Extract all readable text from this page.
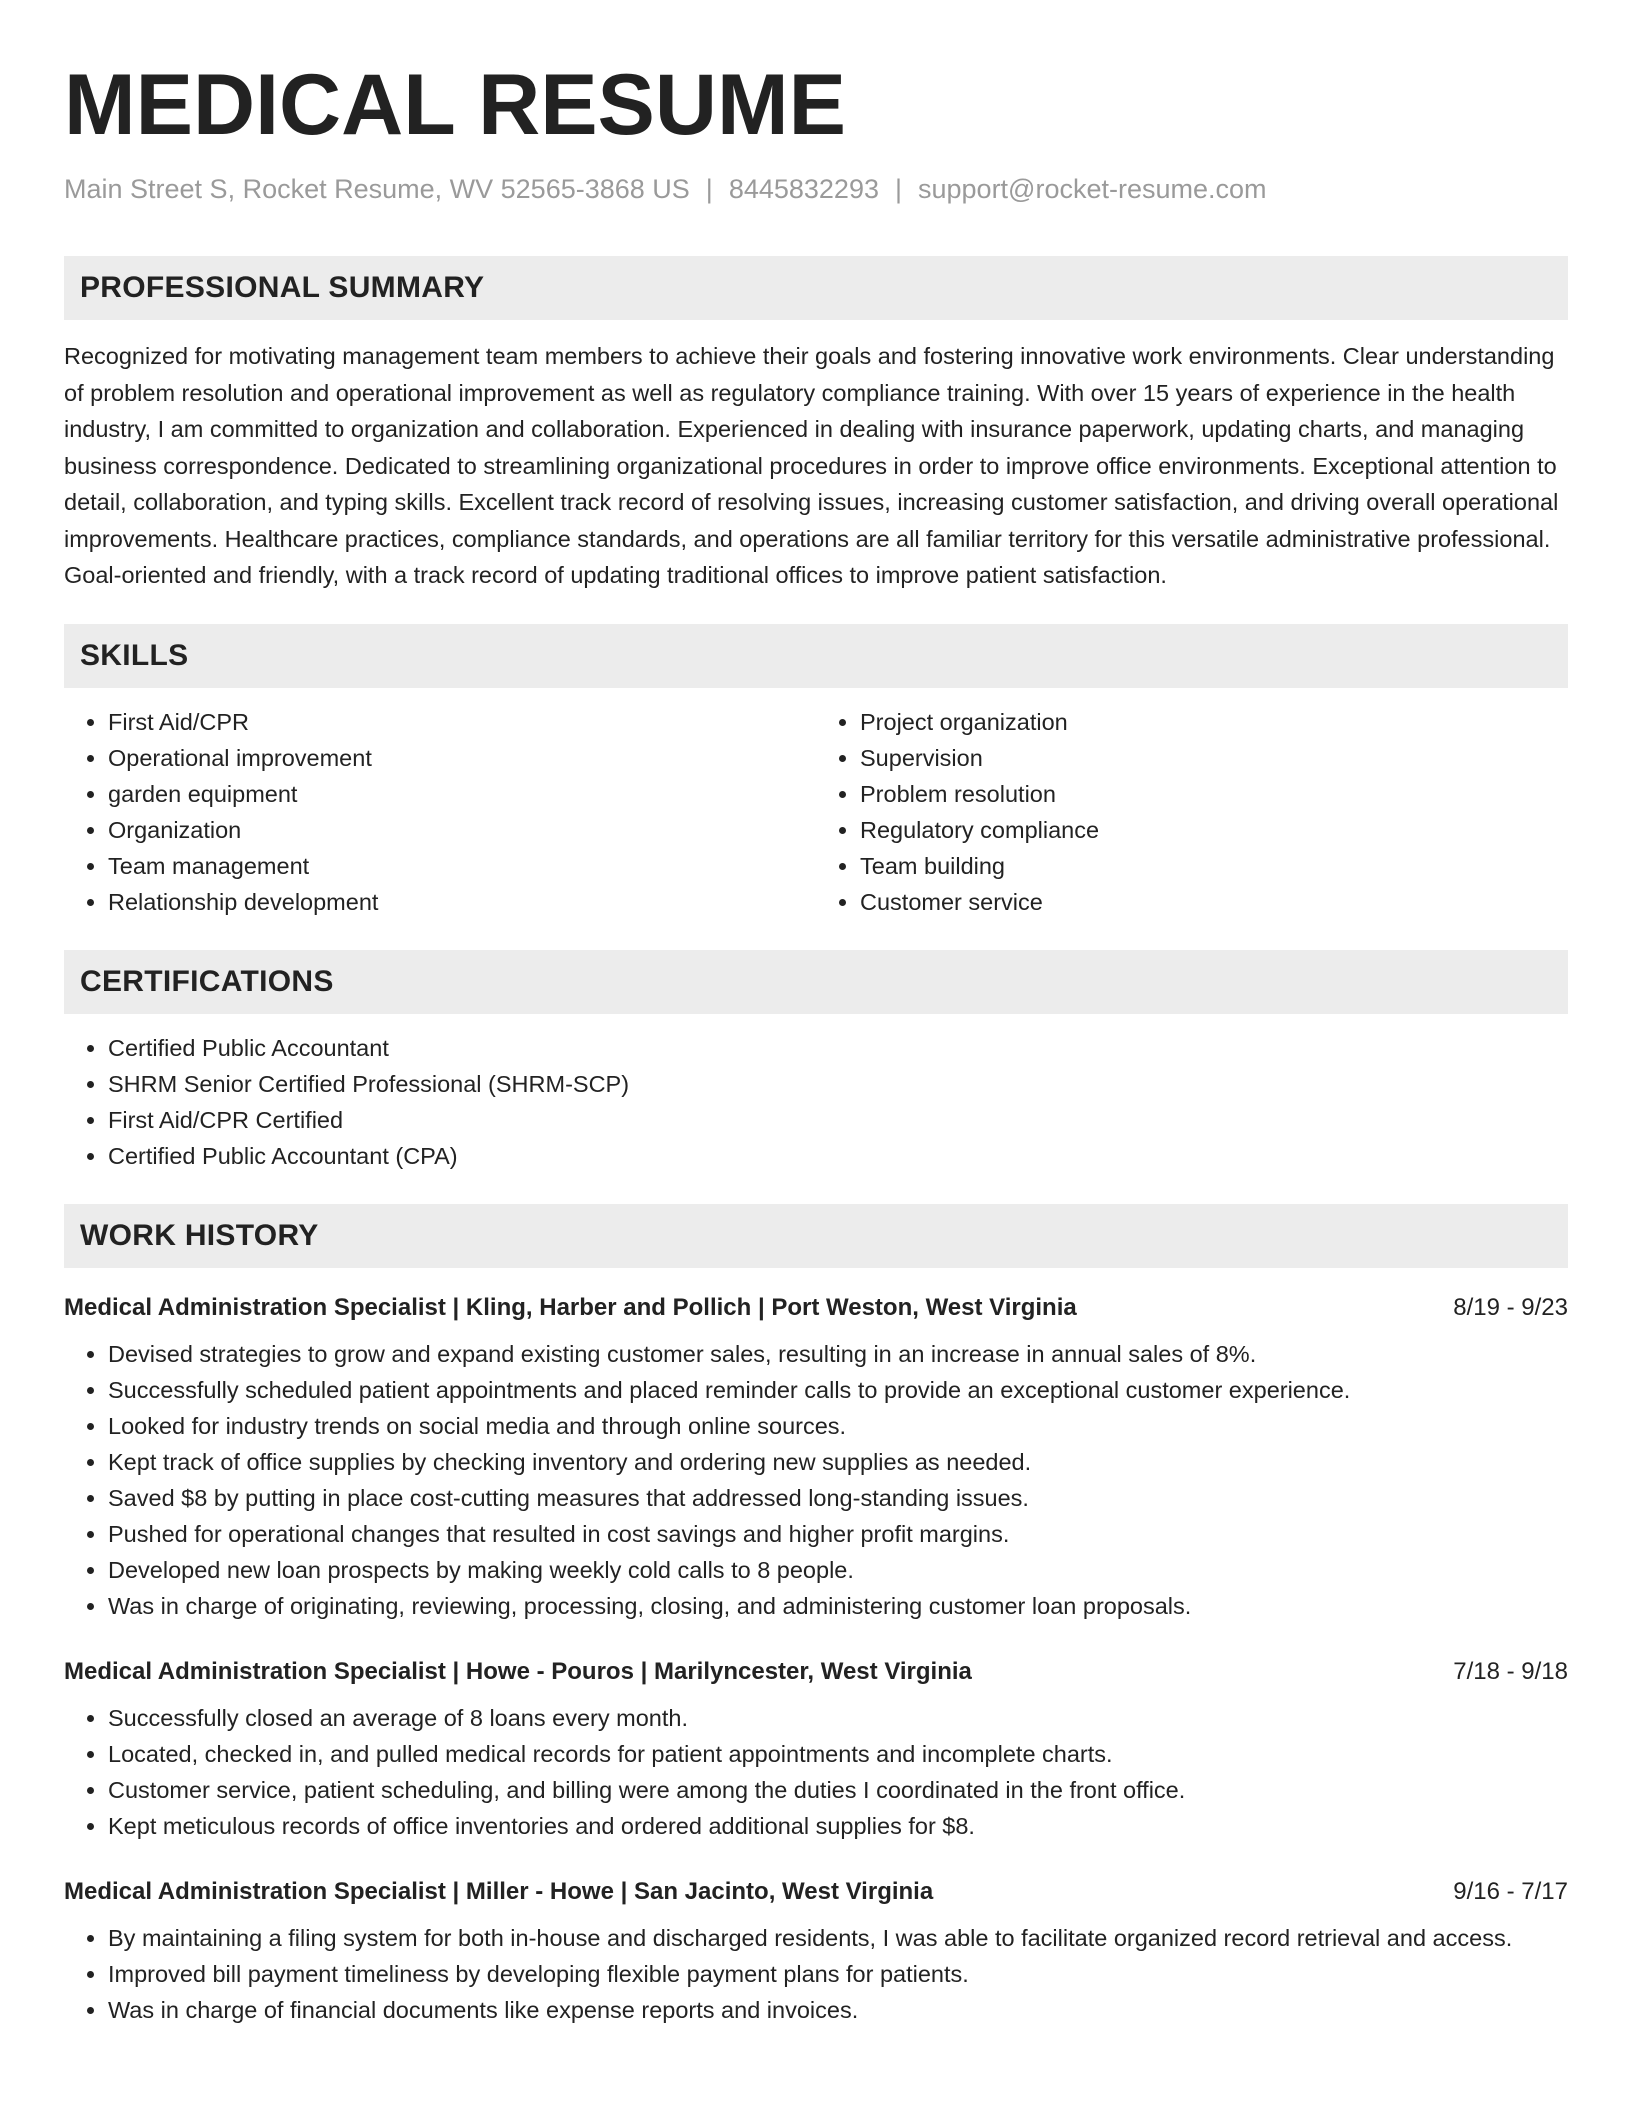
MEDICAL RESUME
Main Street S, Rocket Resume, WV 52565-3868 US | 8445832293 | support@rocket-resume.com
PROFESSIONAL SUMMARY

Recognized for motivating management team members to achieve their goals and fostering innovative work environments. Clear understanding of problem resolution and operational improvement as well as regulatory compliance training. With over 15 years of experience in the health industry, I am committed to organization and collaboration. Experienced in dealing with insurance paperwork, updating charts, and managing business correspondence. Dedicated to streamlining organizational procedures in order to improve office environments. Exceptional attention to detail, collaboration, and typing skills. Excellent track record of resolving issues, increasing customer satisfaction, and driving overall operational improvements. Healthcare practices, compliance standards, and operations are all familiar territory for this versatile administrative professional. Goal-oriented and friendly, with a track record of updating traditional offices to improve patient satisfaction.

SKILLS
• First Aid/CPR
• Operational improvement
• garden equipment
• Organization
• Team management
• Relationship development
• Project organization
• Supervision
• Problem resolution
• Regulatory compliance
• Team building
• Customer service
CERTIFICATIONS
• Certified Public Accountant
• SHRM Senior Certified Professional (SHRM-SCP)
• First Aid/CPR Certified
• Certified Public Accountant (CPA)
WORK HISTORY
Medical Administration Specialist | Kling, Harber and Pollich | Port Weston, West Virginia	8/19 - 9/23
• Devised strategies to grow and expand existing customer sales, resulting in an increase in annual sales of 8%.
• Successfully scheduled patient appointments and placed reminder calls to provide an exceptional customer experience.
• Looked for industry trends on social media and through online sources.
• Kept track of office supplies by checking inventory and ordering new supplies as needed.
• Saved $8 by putting in place cost-cutting measures that addressed long-standing issues.
• Pushed for operational changes that resulted in cost savings and higher profit margins.
• Developed new loan prospects by making weekly cold calls to 8 people.
• Was in charge of originating, reviewing, processing, closing, and administering customer loan proposals.
Medical Administration Specialist | Howe - Pouros | Marilyncester, West Virginia	7/18 - 9/18
• Successfully closed an average of 8 loans every month.
• Located, checked in, and pulled medical records for patient appointments and incomplete charts.
• Customer service, patient scheduling, and billing were among the duties I coordinated in the front office.
• Kept meticulous records of office inventories and ordered additional supplies for $8.
Medical Administration Specialist | Miller - Howe | San Jacinto, West Virginia	9/16 - 7/17
• By maintaining a filing system for both in-house and discharged residents, I was able to facilitate organized record retrieval and access.
• Improved bill payment timeliness by developing flexible payment plans for patients.
• Was in charge of financial documents like expense reports and invoices.
